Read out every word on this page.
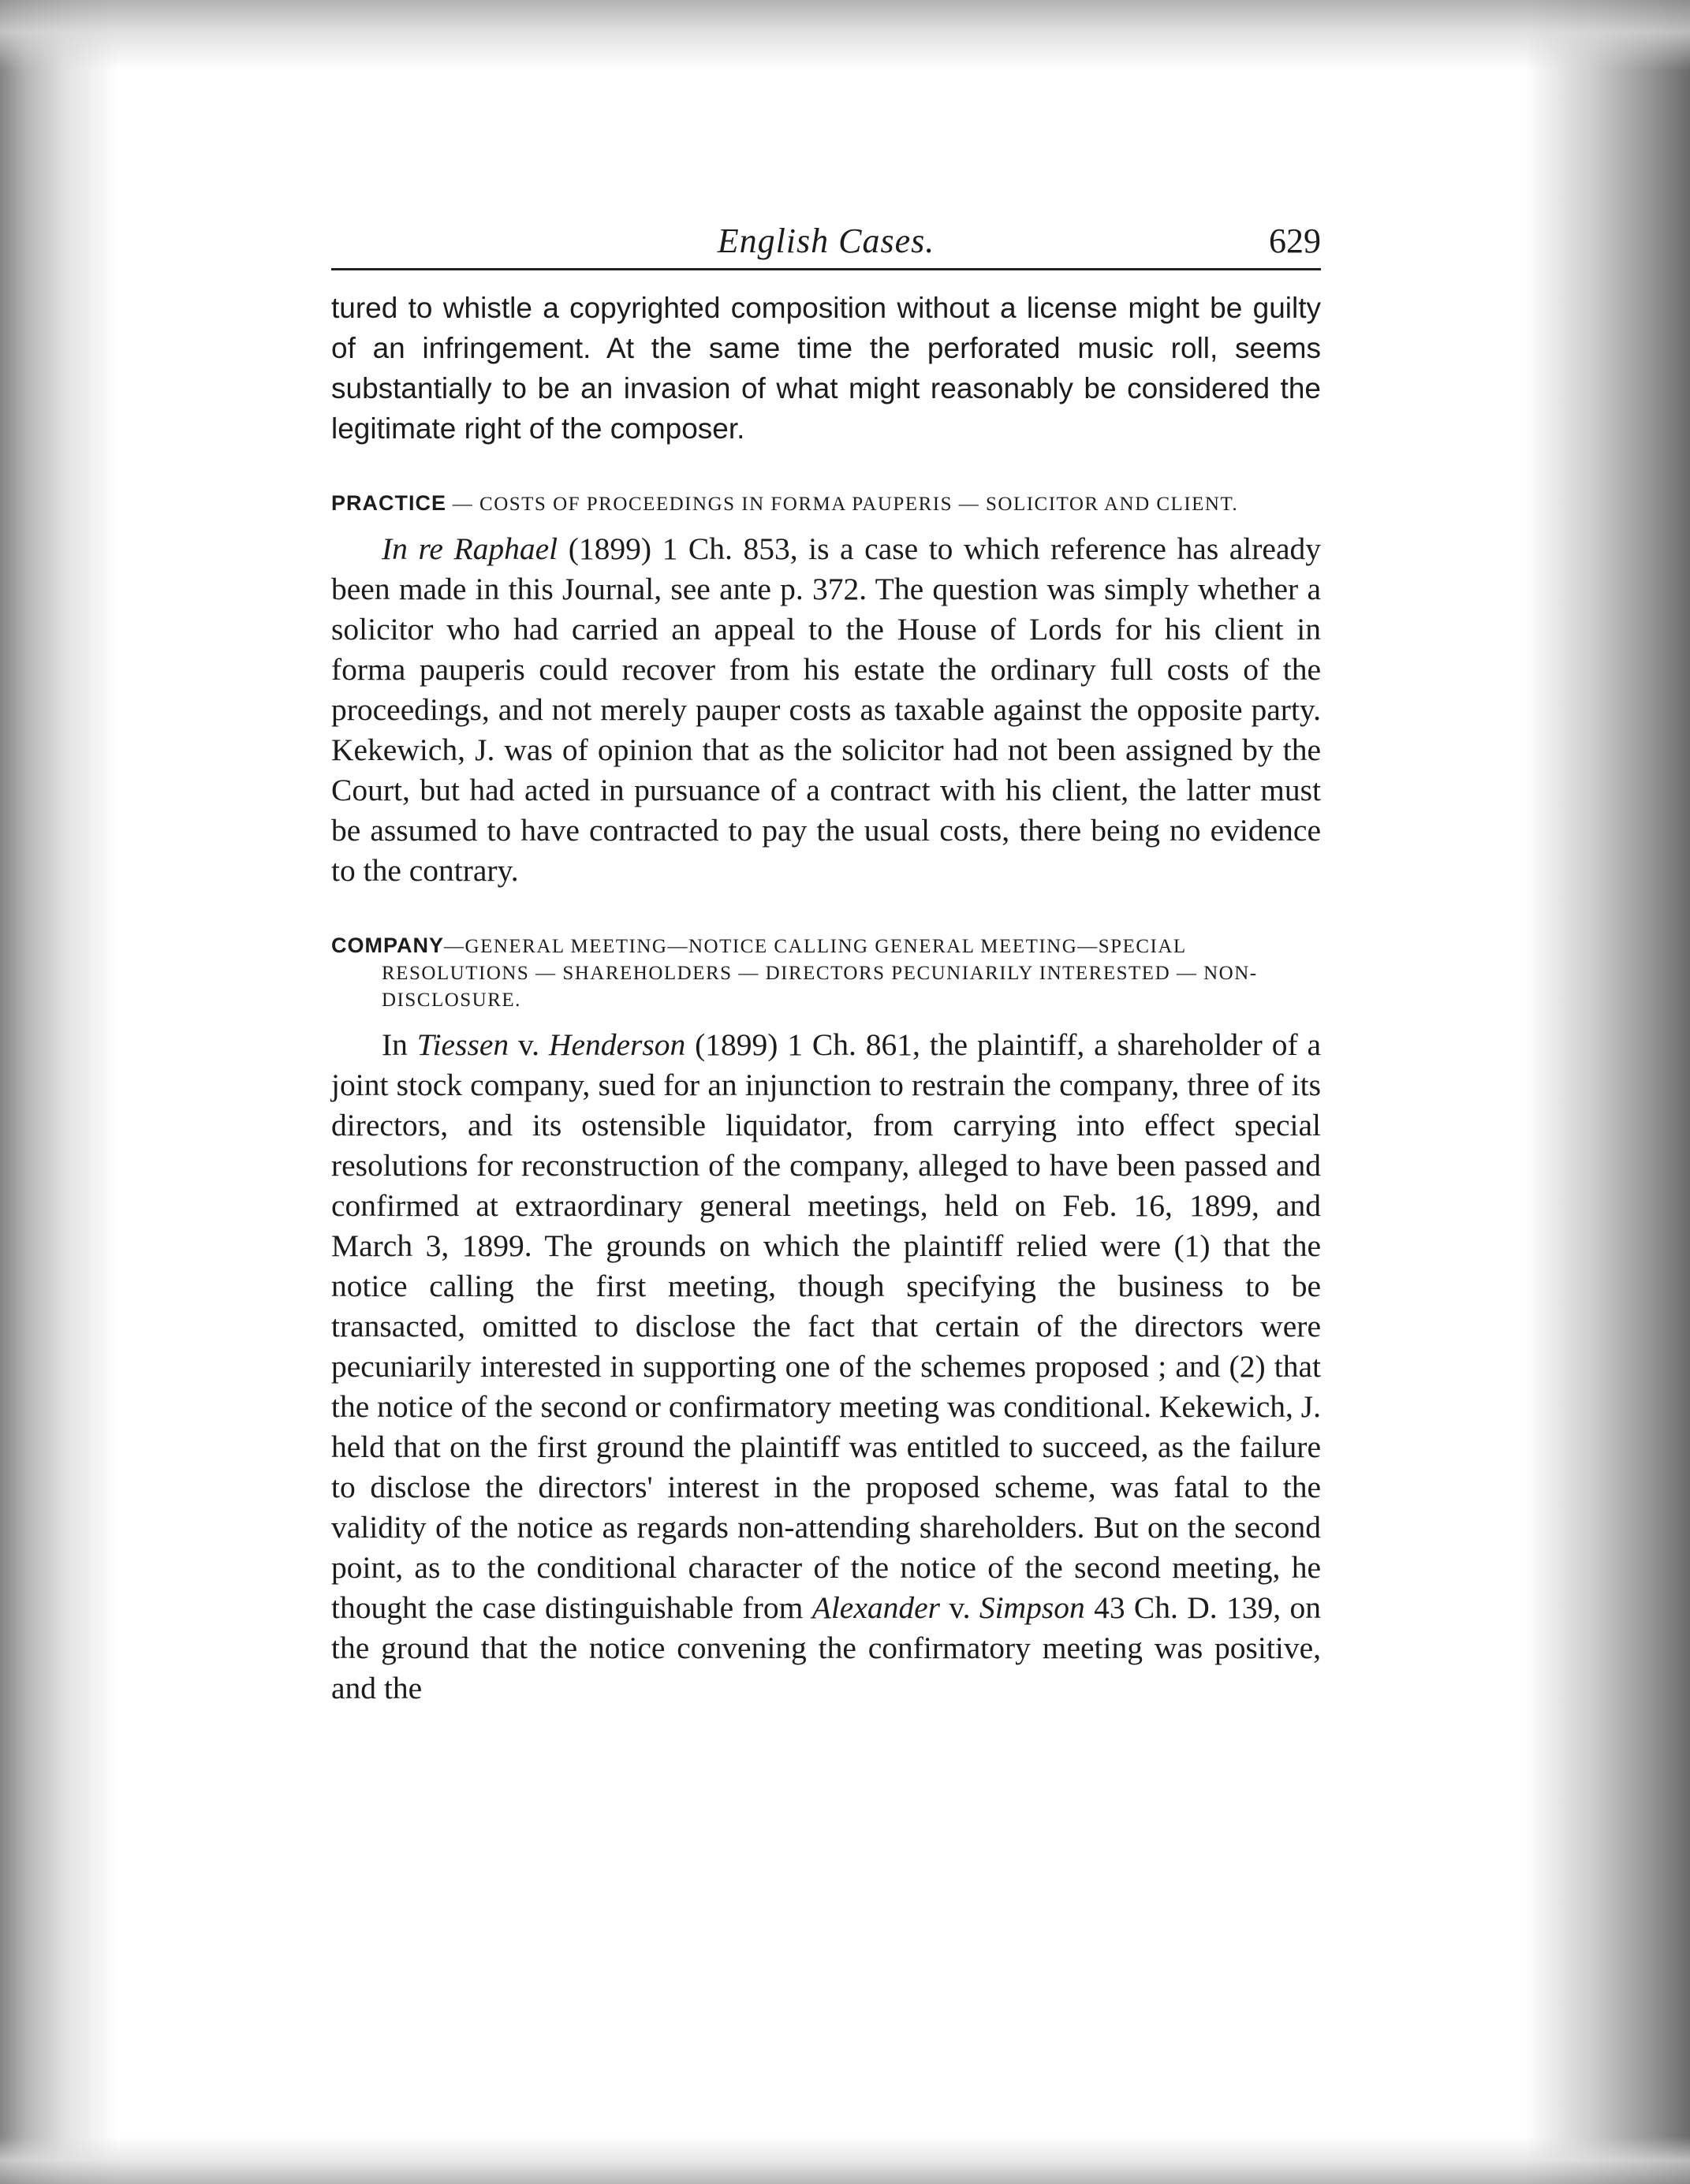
English Cases.	629

tured to whistle a copyrighted composition without a license might be guilty of an infringement. At the same time the perforated music roll, seems substantially to be an invasion of what might reasonably be considered the legitimate right of the composer.

PRACTICE — COSTS OF PROCEEDINGS IN FORMA PAUPERIS — SOLICITOR AND CLIENT.

In re Raphael (1899) 1 Ch. 853, is a case to which reference has already been made in this Journal, see ante p. 372. The question was simply whether a solicitor who had carried an appeal to the House of Lords for his client in forma pauperis could recover from his estate the ordinary full costs of the proceedings, and not merely pauper costs as taxable against the opposite party. Kekewich, J. was of opinion that as the solicitor had not been assigned by the Court, but had acted in pursuance of a contract with his client, the latter must be assumed to have contracted to pay the usual costs, there being no evidence to the contrary.

COMPANY—GENERAL MEETING—NOTICE CALLING GENERAL MEETING—SPECIAL RESOLUTIONS — SHAREHOLDERS — DIRECTORS PECUNIARILY INTERESTED — NON-DISCLOSURE.

In Tiessen v. Henderson (1899) 1 Ch. 861, the plaintiff, a shareholder of a joint stock company, sued for an injunction to restrain the company, three of its directors, and its ostensible liquidator, from carrying into effect special resolutions for reconstruction of the company, alleged to have been passed and confirmed at extraordinary general meetings, held on Feb. 16, 1899, and March 3, 1899. The grounds on which the plaintiff relied were (1) that the notice calling the first meeting, though specifying the business to be transacted, omitted to disclose the fact that certain of the directors were pecuniarily interested in supporting one of the schemes proposed ; and (2) that the notice of the second or confirmatory meeting was conditional. Kekewich, J. held that on the first ground the plaintiff was entitled to succeed, as the failure to disclose the directors' interest in the proposed scheme, was fatal to the validity of the notice as regards non-attending shareholders. But on the second point, as to the conditional character of the notice of the second meeting, he thought the case distinguishable from Alexander v. Simpson 43 Ch. D. 139, on the ground that the notice convening the confirmatory meeting was positive, and the
